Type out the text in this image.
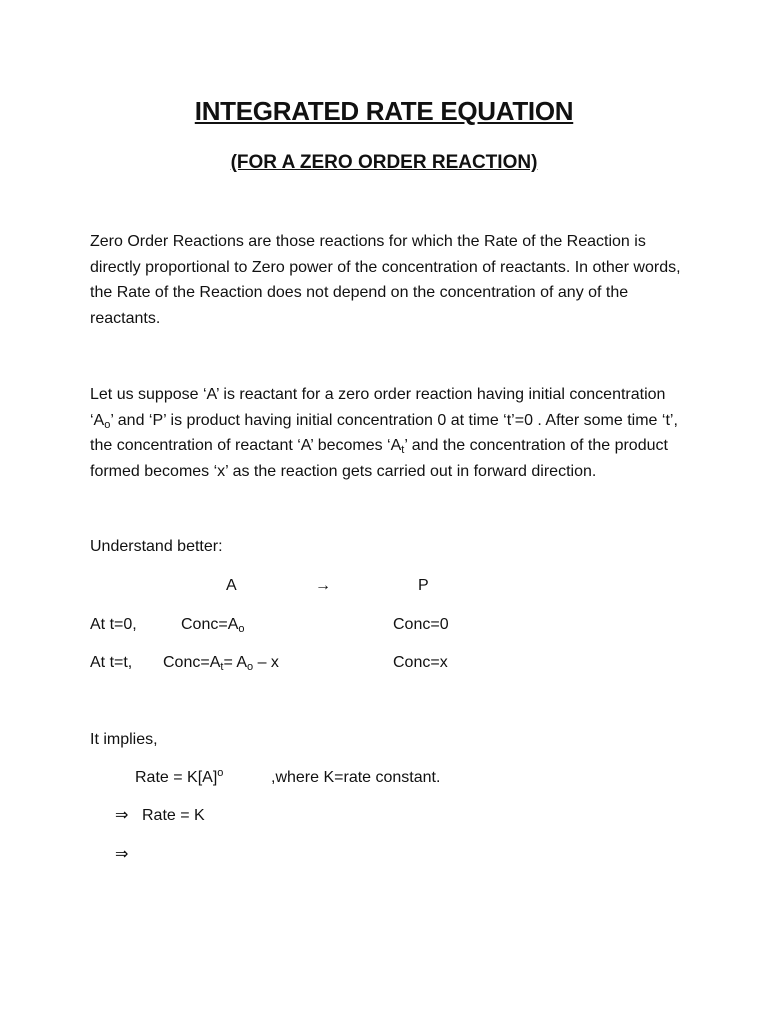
INTEGRATED RATE EQUATION
(FOR A ZERO ORDER REACTION)

Zero Order Reactions are those reactions for which the Rate of the Reaction is directly proportional to Zero power of the concentration of reactants. In other words, the Rate of the Reaction does not depend on the concentration of any of the reactants.

Let us suppose ‘A’ is reactant for a zero order reaction having initial concentration ‘$A_o$’ and ‘P’ is product having initial concentration 0 at time ‘t’=0 . After some time ‘t’, the concentration of reactant ‘A’ becomes ‘$A_t$’ and the concentration of the product formed becomes ‘x’ as the reaction gets carried out in forward direction.

Understand better:
A	→	P
At t=0,	$Conc=A_o$	Conc=0
At t=t, $Conc=A_t= A_o - x$	Conc=x
It implies,
Rate = $K[A]^o$	,where K=rate constant.
⇒ Rate = K
⇒
